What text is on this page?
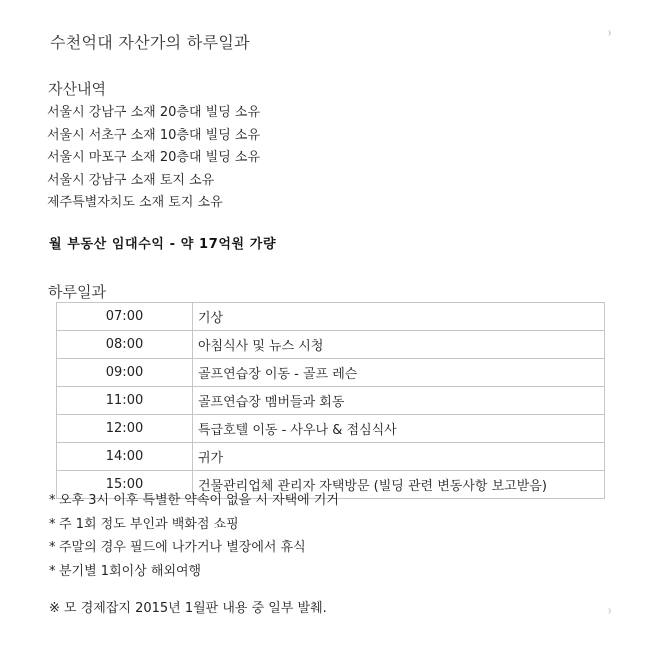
수천억대 자산가의 하루일과
자산내역
서울시 강남구 소재 20층대 빌딩 소유
서울시 서초구 소재 10층대 빌딩 소유
서울시 마포구 소재 20층대 빌딩 소유
서울시 강남구 소재 토지 소유
제주특별자치도 소재 토지 소유
월 부동산 임대수익 - 약 17억원 가량
하루일과
07:00	기상
08:00	아침식사 및 뉴스 시청
09:00	골프연습장 이동 - 골프 레슨
11:00	골프연습장 멤버들과 회동
12:00	특급호텔 이동 - 사우나 & 점심식사
14:00	귀가
15:00	건물관리업체 관리자 자택방문 (빌딩 관련 변동사항 보고받음)
* 오후 3시 이후 특별한 약속이 없을 시 자택에 기거
* 주 1회 정도 부인과 백화점 쇼핑
* 주말의 경우 필드에 나가거나 별장에서 휴식
* 분기별 1회이상 해외여행
※ 모 경제잡지 2015년 1월판 내용 중 일부 발췌.
